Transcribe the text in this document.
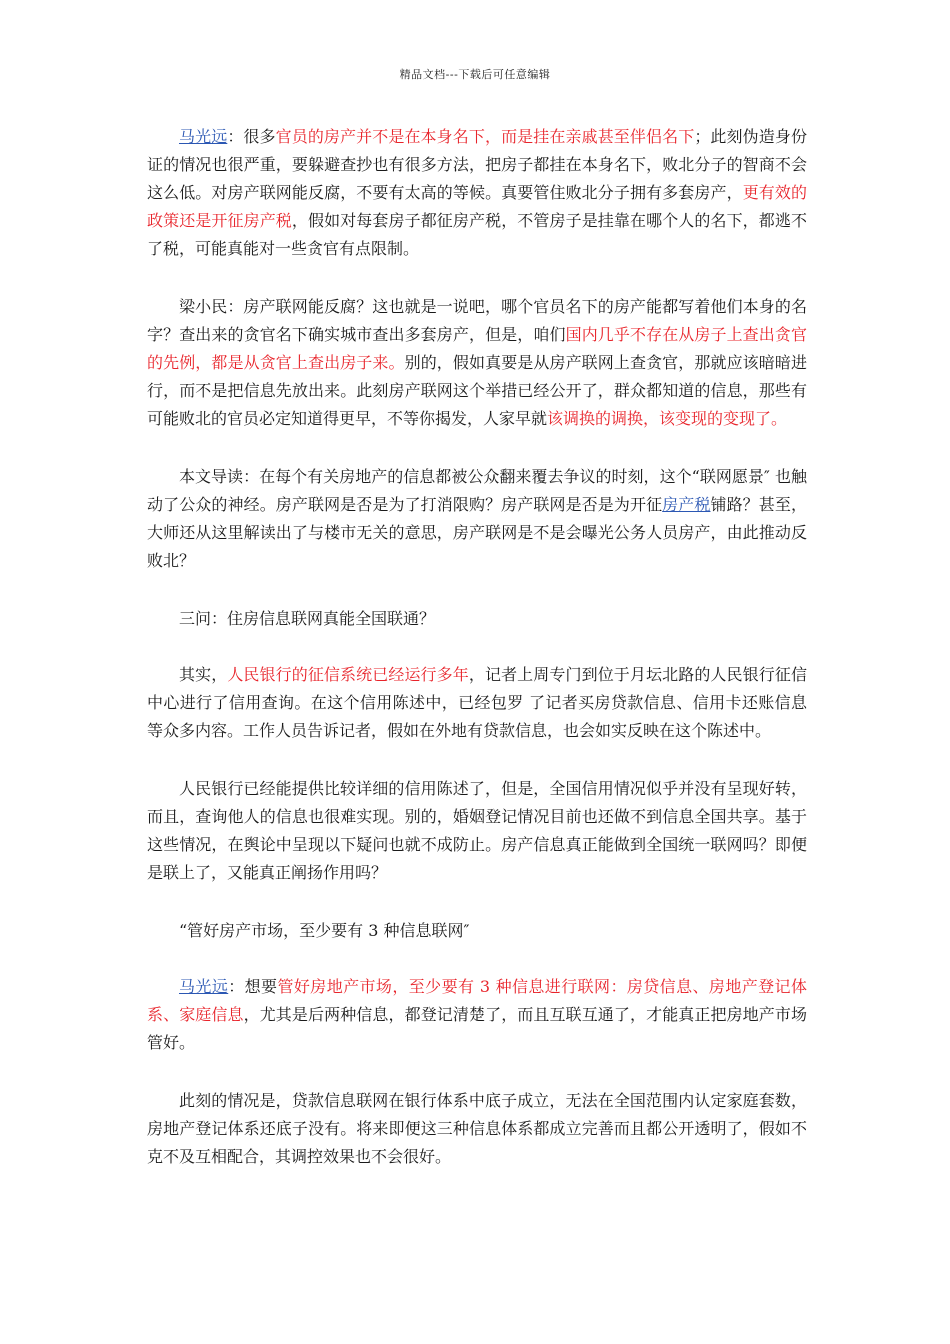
精品文档---下载后可任意编辑

马光远：很多官员的房产并不是在本身名下，而是挂在亲戚甚至伴侣名下；此刻伪造身份证的情况也很严重，要躲避查抄也有很多方法，把房子都挂在本身名下，败北分子的智商不会这么低。对房产联网能反腐，不要有太高的等候。真要管住败北分子拥有多套房产，更有效的政策还是开征房产税，假如对每套房子都征房产税，不管房子是挂靠在哪个人的名下，都逃不了税，可能真能对一些贪官有点限制。

梁小民：房产联网能反腐？这也就是一说吧，哪个官员名下的房产能都写着他们本身的名字？查出来的贪官名下确实城市查出多套房产，但是，咱们国内几乎不存在从房子上查出贪官的先例，都是从贪官上查出房子来。别的，假如真要是从房产联网上查贪官，那就应该暗暗进行，而不是把信息先放出来。此刻房产联网这个举措已经公开了，群众都知道的信息，那些有可能败北的官员必定知道得更早，不等你揭发，人家早就该调换的调换，该变现的变现了。

本文导读：在每个有关房地产的信息都被公众翻来覆去争议的时刻，这个“联网愿景″ 也触动了公众的神经。房产联网是否是为了打消限购？房产联网是否是为开征房产税铺路？甚至，大师还从这里解读出了与楼市无关的意思，房产联网是不是会曝光公务人员房产，由此推动反败北？

三问：住房信息联网真能全国联通？

其实，人民银行的征信系统已经运行多年，记者上周专门到位于月坛北路的人民银行征信中心进行了信用查询。在这个信用陈述中，已经包罗 了记者买房贷款信息、信用卡还账信息等众多内容。工作人员告诉记者，假如在外地有贷款信息，也会如实反映在这个陈述中。

人民银行已经能提供比较详细的信用陈述了，但是，全国信用情况似乎并没有呈现好转，而且，查询他人的信息也很难实现。别的，婚姻登记情况目前也还做不到信息全国共享。基于这些情况，在舆论中呈现以下疑问也就不成防止。房产信息真正能做到全国统一联网吗？即便是联上了，又能真正阐扬作用吗？

“管好房产市场，至少要有 3 种信息联网″

马光远：想要管好房地产市场，至少要有 3 种信息进行联网：房贷信息、房地产登记体系、家庭信息，尤其是后两种信息，都登记清楚了，而且互联互通了，才能真正把房地产市场管好。

此刻的情况是，贷款信息联网在银行体系中底子成立，无法在全国范围内认定家庭套数，房地产登记体系还底子没有。将来即便这三种信息体系都成立完善而且都公开透明了，假如不克不及互相配合，其调控效果也不会很好。
